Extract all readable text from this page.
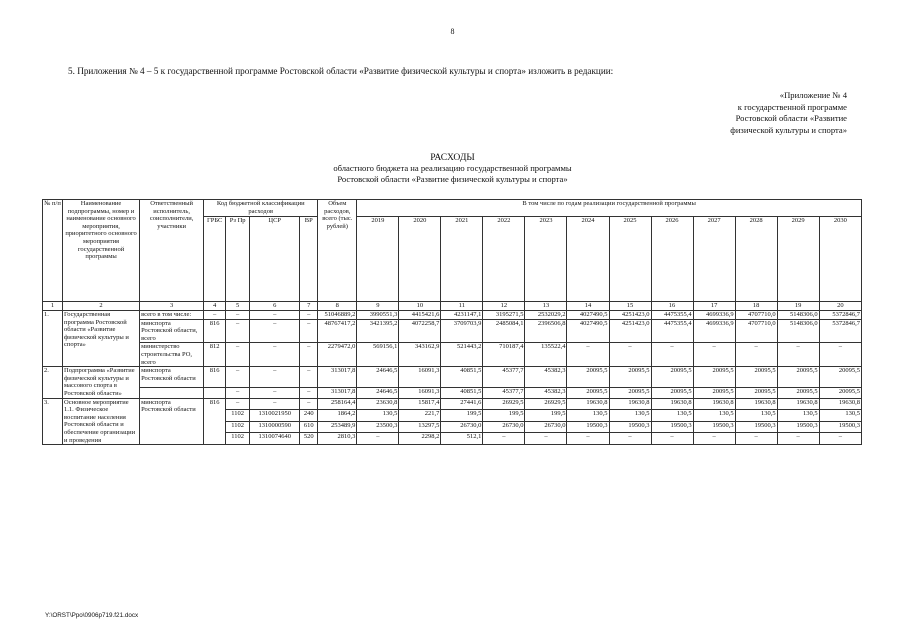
8
5. Приложения № 4 – 5 к государственной программе Ростовской области «Развитие физической культуры и спорта» изложить в редакции:
«Приложение № 4
к государственной программе
Ростовской области «Развитие
физической культуры и спорта»
РАСХОДЫ
областного бюджета на реализацию государственной программы
Ростовской области «Развитие физической культуры и спорта»
№ п/п	Наименование подпрограммы, номер и наименование основного мероприятия, приоритетного основного мероприятия государственной программы	Ответственный исполнитель, соисполнители, участники	Код бюджетной классификации расходов				Объем расходов, всего (тыс. рублей)	В том числе по годам реализации государственной программы											
			ГРБС	Рз Пр	ЦСР	ВР		2019	2020	2021	2022	2023	2024	2025	2026	2027	2028	2029	2030

1	2	3	4	5	6	7	8	9	10	11	12	13	14	15	16	17	18	19	20
1.	Государственная программа Ростовской области «Развитие физической культуры и спорта»	всего в том числе:	–	–	–	–	51046889,2	3990551,3	4415421,6	4231147,1	3195271,5	2532029,2	4027490,5	4251423,0	4475355,4	4699336,9	4707710,0	5148306,0	5372846,7
		минспорта Ростовской области, всего	816	–	–	–	48767417,2	3421395,2	4072258,7	3709703,9	2485084,1	2396506,8	4027490,5	4251423,0	4475355,4	4699336,9	4707710,0	5148306,0	5372846,7
		министерство строительства РО, всего	812	–	–	–	2279472,0	569156,1	343162,9	521443,2	710187,4	135522,4	–	–	–	–	–	–	–
2.	Подпрограмма «Развитие физической культуры и массового спорта в Ростовской области»	минспорта Ростовской области	816	–	–	–	313017,8	24646,5	16091,3	40851,5	45377,7	45382,3	20095,5	20095,5	20095,5	20095,5	20095,5	20095,5	20095,5
				–	–	–	313017,8	24646,5	16091,3	40851,5	45377,7	45382,3	20095,5	20095,5	20095,5	20095,5	20095,5	20095,5	20095,5
3.	Основное мероприятие 1.1. Физическое воспитание населения Ростовской области и обеспечение организации и проведения	минспорта Ростовской области	816	–	–	–	258164,4	23630,8	15817,4	27441,6	26929,5	26929,5	19630,8	19630,8	19630,8	19630,8	19630,8	19630,8	19630,8
				1102	1310021950	240	1864,2	130,5	221,7	199,5	199,5	199,5	130,5	130,5	130,5	130,5	130,5	130,5	130,5
				1102	1310000590	610	253489,9	23500,3	13297,5	26730,0	26730,0	26730,0	19500,3	19500,3	19500,3	19500,3	19500,3	19500,3	19500,3
				1102	1310074640	520	2810,3	–	2298,2	512,1	–	–	–	–	–	–	–	–	–
Y:\ORST\Ppo\0906p719.f21.docx
